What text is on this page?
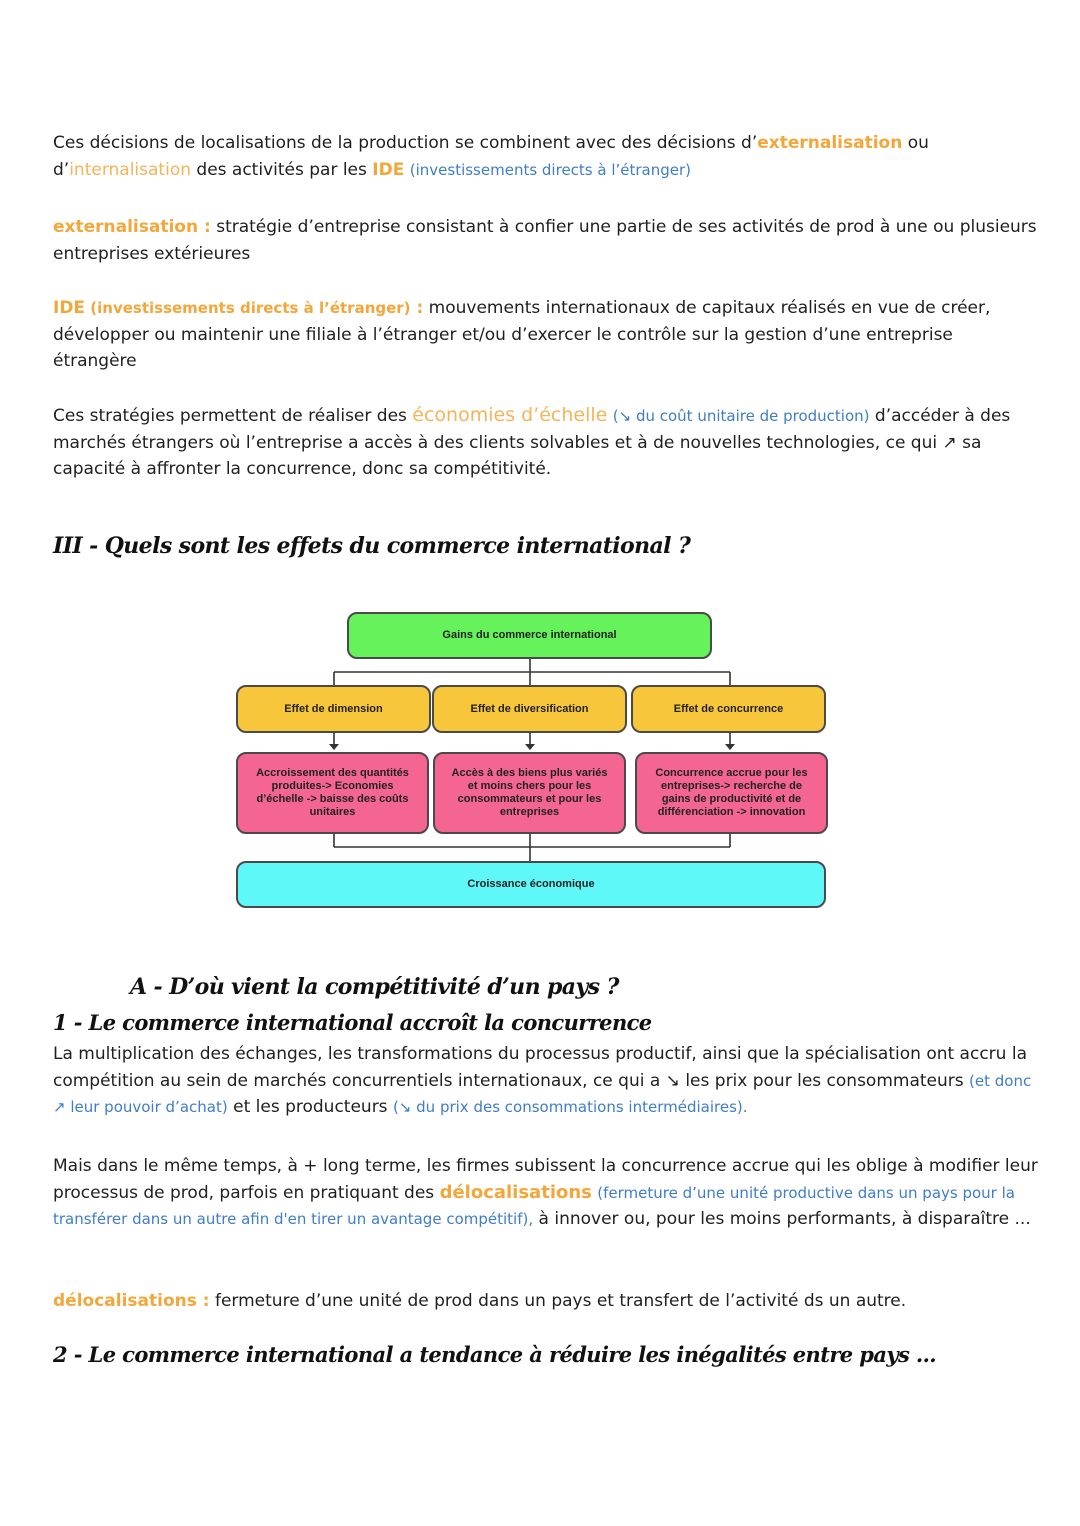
Ces décisions de localisations de la production se combinent avec des décisions d’externalisation ou d’internalisation des activités par les IDE (investissements directs à l’étranger)
externalisation : stratégie d’entreprise consistant à confier une partie de ses activités de prod à une ou plusieurs entreprises extérieures
IDE (investissements directs à l’étranger) : mouvements internationaux de capitaux réalisés en vue de créer, développer ou maintenir une filiale à l’étranger et/ou d’exercer le contrôle sur la gestion d’une entreprise étrangère
Ces stratégies permettent de réaliser des économies d’échelle (↘ du coût unitaire de production) d’accéder à des marchés étrangers où l’entreprise a accès à des clients solvables et à de nouvelles technologies, ce qui ↗ sa capacité à affronter la concurrence, donc sa compétitivité.
III - Quels sont les effets du commerce international ?
Gains du commerce international
Effet de dimension	Effet de diversification	Effet de concurrence
Accroissement des quantités produites-> Economies d’échelle -> baisse des coûts unitaires
Accès à des biens plus variés et moins chers pour les consommateurs et pour les entreprises
Concurrence accrue pour les entreprises-> recherche de gains de productivité et de différenciation -> innovation
Croissance économique
A - D’où vient la compétitivité d’un pays ?
1 - Le commerce international accroît la concurrence
La multiplication des échanges, les transformations du processus productif, ainsi que la spécialisation ont accru la compétition au sein de marchés concurrentiels internationaux, ce qui a ↘ les prix pour les consommateurs (et donc ↗ leur pouvoir d’achat) et les producteurs (↘ du prix des consommations intermédiaires).
Mais dans le même temps, à + long terme, les firmes subissent la concurrence accrue qui les oblige à modifier leur processus de prod, parfois en pratiquant des délocalisations (fermeture d’une unité productive dans un pays pour la transférer dans un autre afin d'en tirer un avantage compétitif), à innover ou, pour les moins performants, à disparaître ...
délocalisations : fermeture d’une unité de prod dans un pays et transfert de l’activité ds un autre.
2 - Le commerce international a tendance à réduire les inégalités entre pays ...
